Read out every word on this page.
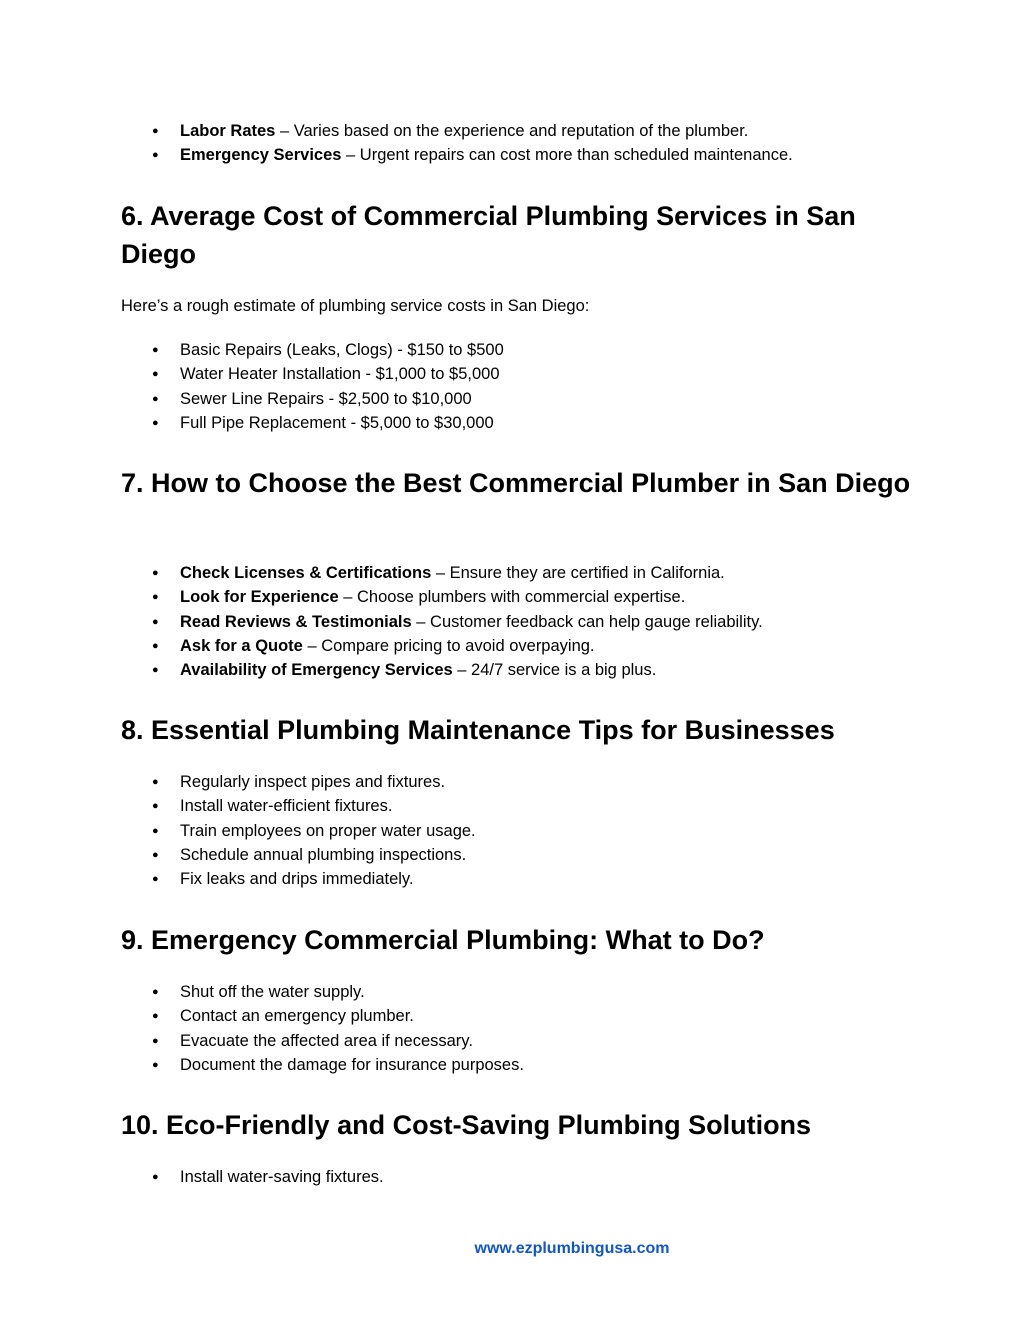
● Labor Rates – Varies based on the experience and reputation of the plumber.
● Emergency Services – Urgent repairs can cost more than scheduled maintenance.
6. Average Cost of Commercial Plumbing Services in San Diego

Here’s a rough estimate of plumbing service costs in San Diego:

● Basic Repairs (Leaks, Clogs) - $150 to $500
● Water Heater Installation - $1,000 to $5,000
● Sewer Line Repairs - $2,500 to $10,000
● Full Pipe Replacement - $5,000 to $30,000
7. How to Choose the Best Commercial Plumber in San Diego
● Check Licenses & Certifications – Ensure they are certified in California.
● Look for Experience – Choose plumbers with commercial expertise.
● Read Reviews & Testimonials – Customer feedback can help gauge reliability.
● Ask for a Quote – Compare pricing to avoid overpaying.
● Availability of Emergency Services – 24/7 service is a big plus.
8. Essential Plumbing Maintenance Tips for Businesses
● Regularly inspect pipes and fixtures.
● Install water-efficient fixtures.
● Train employees on proper water usage.
● Schedule annual plumbing inspections.
● Fix leaks and drips immediately.
9. Emergency Commercial Plumbing: What to Do?
● Shut off the water supply.
● Contact an emergency plumber.
● Evacuate the affected area if necessary.
● Document the damage for insurance purposes.
10. Eco-Friendly and Cost-Saving Plumbing Solutions
● Install water-saving fixtures.
www.ezplumbingusa.com
